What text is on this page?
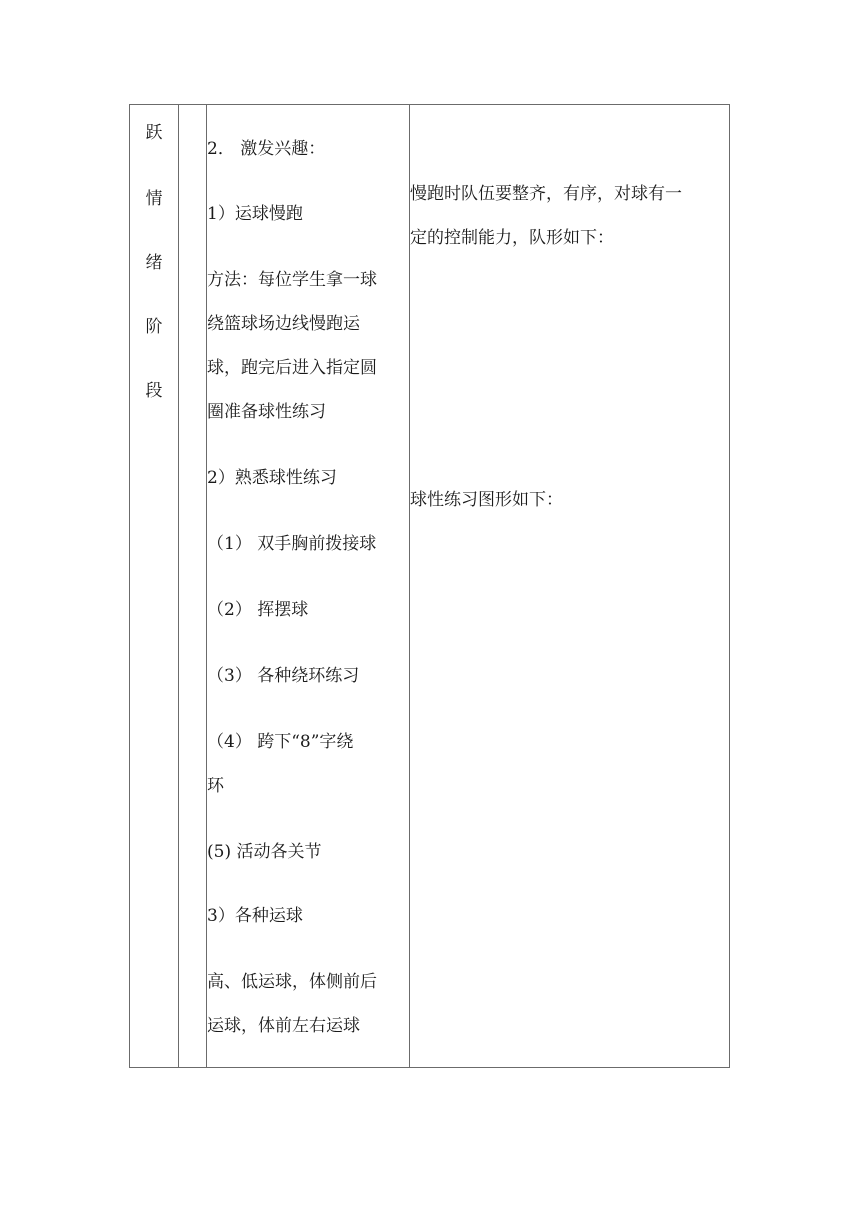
跃
情
绪
阶
段
2． 激发兴趣：
1）运球慢跑
方法：每位学生拿一球
绕篮球场边线慢跑运
球，跑完后进入指定圆
圈准备球性练习
2）熟悉球性练习
（1） 双手胸前拨接球
（2） 挥摆球
（3） 各种绕环练习
（4） 跨下“8”字绕
环
(5) 活动各关节
3）各种运球
高、低运球，体侧前后
运球，体前左右运球
慢跑时队伍要整齐，有序，对球有一
定的控制能力，队形如下：
球性练习图形如下：
